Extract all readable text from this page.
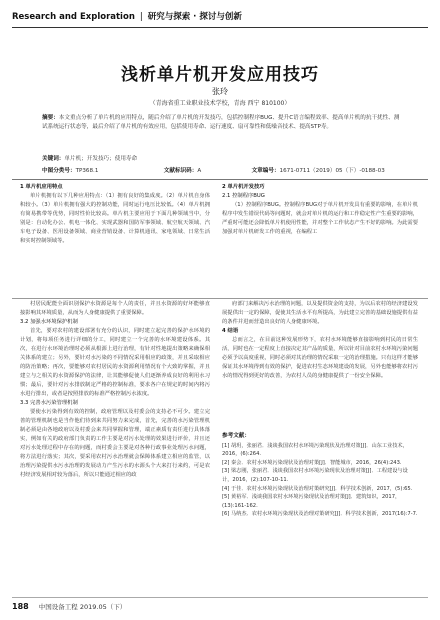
Research and Exploration | 研究与探索 · 探讨与创新
浅析单片机开发应用技巧
张玲
（青海省重工业职业技术学校，青海 西宁 810100）
摘要：本文重点分析了单片机的应用特点，随后介绍了单片机的开发技巧，包括控制程序BUG、提升C语言编程效率、提高单片机的抗干扰性、测试系统运行状态等，最后介绍了单片机的有效应用，包括使用寿命、运行速度、扇可靠性和低噪音技术、提高STP寿。
关键词：单片机；开发技巧；使用寿命
中图分类号：TP368.1	文献标识码：A	文章编号：1671-0711（2019）05（下）-0188-03

1 单片机应用特点

单片机拥有以下几种应用特点：（1）拥有良好的集成度。（2）单片机自身体积较小。（3）单片机拥有强大的控制功能，同时运行电压比较低。（4）单片机拥有简易携带等优势，同时性价比较高。单片机主要应用于下面几种领域当中，分别是：自动化办公、机电一体化、实现武器和国防军事领域、航空航天领域、汽车电子设备、医用设备领域、商业营销设备、计算机通讯、家电领域、日常生活和实时控制领域等。

2 单片机开发技巧

2.1 控制程序BUG

（1）控制程序BUG。控制程序BUG对于单片机开发具有重要的影响，在单片机程序中发生错误代码等问题时，就会对单片机的运行和工作稳定性产生重要的影响，严重时可能还会降低单片机使用性能，并对整个工作状态产生不好的影响。为此需要加强对单片机研发工作的重视，在编程工

村居民配能全面识别保护水资源是每个人的责任，并且水资源的好坏能够直接影响其环境质量，从而为人身健康提供了重要保障。

3.2 加强水环境保护机制

首先，要对农村的建设部署有充分的认识，同时建立起完善的保护水环境的计划，将每项任务进行详细的分工，同时建立一个完善的水环境建设体系。其次，在进行水环境治理时必须从根源上进行治理，有针对性地提出策略来确保相关体系的建立；另外，要针对水污染的不同情况采用相应的政策，并且采取相应的防治策略；再次，要能够对农村居民的水资源利用情况有个大致的掌握，并且建立与之相关的水资源保护的法律，让其能够促使人们逐渐养成良好的利用水习惯；最后，要针对污水排放制定严格的控制标准，要求各户在规定的时间内将污水进行排出，或者是按照排放的标准严格控制污水浓度。

3.3 完善水污染管理机制

要使水污染得到有效的控制，政府管理以及村委会的支持必不可少。建立完善的管理机制也是当作他们待到来共同努力来完成，首先，完善的水污染管理机制必须是由各地政府以及村委会来共同掌握和管理，端正素质有责任进行具体落实，例如有关的政府部门负责的工作主要是对污水处理的效果进行评价，并且还对污水处理过程中存在的问题，而村委会主要是对各种行政事业处理污水问题，将方法进行落实；其次，要采用农村污水治理就会保障体系建立相应的监管，以治理污染提供水污水治理的发展动力产生污水的水源头个大来打行来约，可是农村经济发展相对较为落后，所以只能通过相应的政

府部门来解决污水治理的问题，以及提供资金的支持，为以后农村的经济建设发展提供出一定的保障，促使其生活水平有所提高，为此建立完善的基础设施提供有益的条件并进而营造出良好的人身健康环境。

4 结语

总而言之，在目前这种发展形势下，农村水环境能够直接影响到村民的日常生活，同时也在一定程度上直接决定其产品的质量，所以针对目前农村水环境污染问题必须予以高度重视，同时必须对其治理的情况采取一定的治理措施。只有这样才能够保证其水环境得到有效的保护，促进农村生态环境建设的发展，另外也能够将农村污水的情况得到更好的改善，为农村人员的身健康提供了一份安全保障。

参考文献：
[1] 胡玥，张丽君．浅谈我国农村水环境污染现状及治理对策[J]．山东工业技术，2016，(6):264.
[2] 秦会．农村水环境污染现状及治理对策[J]．智能城市，2016，26(4):243.
[3] 梁志刚，张丽君．浅谈我国农村水环境污染现状及治理对策[J]．工程建设与设计，2016，(2):107-10-11.
[4] 于佳．农村水环境污染现状及治理对策研究[J]．科学技术创新，2017，(5):65.
[5] 黄裕军．浅谈我国农村水环境污染现状及治理对策[J]．建筑知识，2017，(13):161-162.
[6] 马纳杰．农村水环境污染现状及治理对策研究[J]．科学技术创新，2017(16):7-7.
188 中国设备工程 2019.05（下）
